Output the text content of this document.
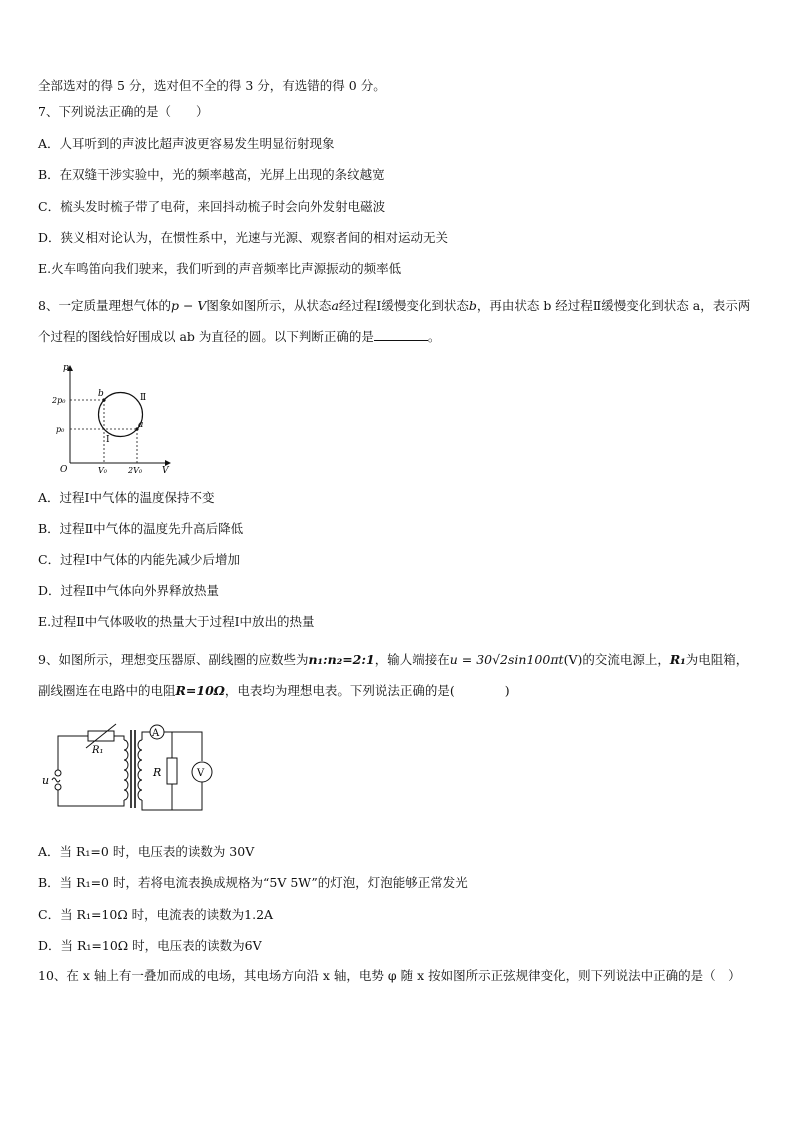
全部选对的得 5 分，选对但不全的得 3 分，有选错的得 0 分。
7、下列说法正确的是（　　）
A．人耳听到的声波比超声波更容易发生明显衍射现象
B．在双缝干涉实验中，光的频率越高，光屏上出现的条纹越宽
C．梳头发时梳子带了电荷，来回抖动梳子时会向外发射电磁波
D．狭义相对论认为，在惯性系中，光速与光源、观察者间的相对运动无关
E.火车鸣笛向我们驶来，我们听到的声音频率比声源振动的频率低
8、一定质量理想气体的p − V图象如图所示，从状态a经过程Ⅰ缓慢变化到状态b，再由状态 b 经过程Ⅱ缓慢变化到状态 a，表示两个过程的图线恰好围成以 ab 为直径的圆。以下判断正确的是	。
p
V
O
2p₀
p₀
V₀	2V₀
b
a
Ⅰ
Ⅱ
A．过程Ⅰ中气体的温度保持不变
B．过程Ⅱ中气体的温度先升高后降低
C．过程Ⅰ中气体的内能先减少后增加
D．过程Ⅱ中气体向外界释放热量
E.过程Ⅱ中气体吸收的热量大于过程Ⅰ中放出的热量
9、如图所示，理想变压器原、副线圈的应数些为n₁:n₂=2:1，输人端接在u = 30√2sin100πt(V)的交流电源上，R₁为电阻箱，副线圈连在电路中的电阻R=10Ω，电表均为理想电表。下列说法正确的是(　　　　)
u
R₁
A
R	V
A．当 R₁=0 时，电压表的读数为 30V
B．当 R₁=0 时，若将电流表换成规格为“5V 5W”的灯泡，灯泡能够正常发光
C．当 R₁=10Ω 时，电流表的读数为1.2A
D．当 R₁=10Ω 时，电压表的读数为6V
10、在 x 轴上有一叠加而成的电场，其电场方向沿 x 轴，电势 φ 随 x 按如图所示正弦规律变化，则下列说法中正确的是（　）
